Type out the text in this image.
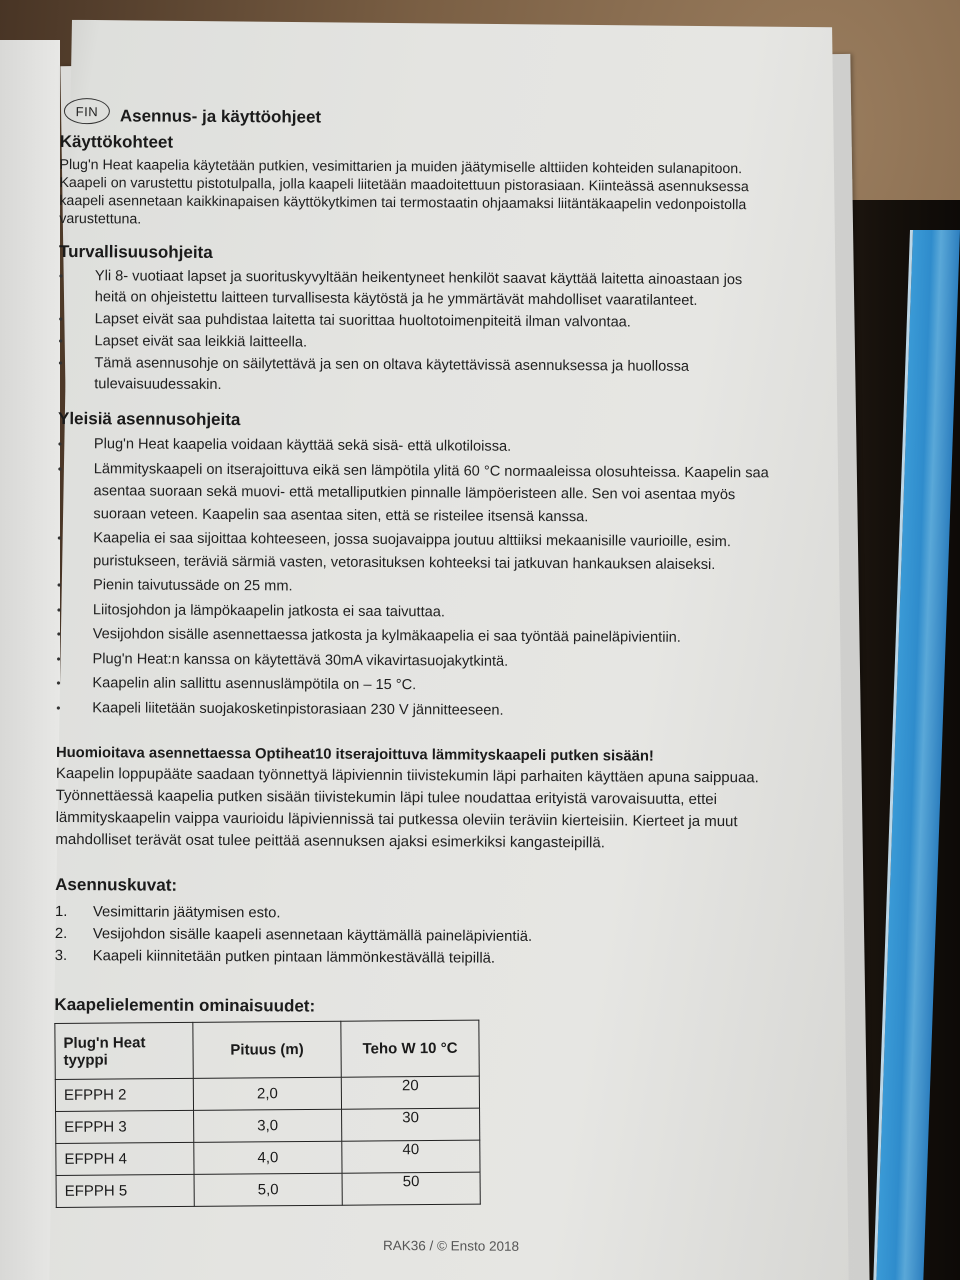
FIN	Asennus- ja käyttöohjeet
Käyttökohteet

Plug'n Heat kaapelia käytetään putkien, vesimittarien ja muiden jäätymiselle alttiiden kohteiden sulanapitoon. Kaapeli on varustettu pistotulpalla, jolla kaapeli liitetään maadoitettuun pistorasiaan. Kiinteässä asennuksessa kaapeli asennetaan kaikkinapaisen käyttökytkimen tai termostaatin ohjaamaksi liitäntäkaapelin vedonpoistolla varustettuna.

Turvallisuusohjeita
• Yli 8- vuotiaat lapset ja suorituskyvyltään heikentyneet henkilöt saavat käyttää laitetta ainoastaan jos heitä on ohjeistettu laitteen turvallisesta käytöstä ja he ymmärtävät mahdolliset vaaratilanteet.
• Lapset eivät saa puhdistaa laitetta tai suorittaa huoltotoimenpiteitä ilman valvontaa.
• Lapset eivät saa leikkiä laitteella.
• Tämä asennusohje on säilytettävä ja sen on oltava käytettävissä asennuksessa ja huollossa tulevaisuudessakin.
Yleisiä asennusohjeita
• Plug'n Heat kaapelia voidaan käyttää sekä sisä- että ulkotiloissa.
• Lämmityskaapeli on itserajoittuva eikä sen lämpötila ylitä 60 °C normaaleissa olosuhteissa. Kaapelin saa asentaa suoraan sekä muovi- että metalliputkien pinnalle lämpöeristeen alle. Sen voi asentaa myös suoraan veteen. Kaapelin saa asentaa siten, että se risteilee itsensä kanssa.
• Kaapelia ei saa sijoittaa kohteeseen, jossa suojavaippa joutuu alttiiksi mekaanisille vaurioille, esim. puristukseen, teräviä särmiä vasten, vetorasituksen kohteeksi tai jatkuvan hankauksen alaiseksi.
• Pienin taivutussäde on 25 mm.
• Liitosjohdon ja lämpökaapelin jatkosta ei saa taivuttaa.
• Vesijohdon sisälle asennettaessa jatkosta ja kylmäkaapelia ei saa työntää paineläpivientiin.
• Plug'n Heat:n kanssa on käytettävä 30mA vikavirtasuojakytkintä.
• Kaapelin alin sallittu asennuslämpötila on – 15 °C.
• Kaapeli liitetään suojakosketinpistorasiaan 230 V jännitteeseen.
Huomioitava asennettaessa Optiheat10 itserajoittuva lämmityskaapeli putken sisään!

Kaapelin loppupääte saadaan työnnettyä läpiviennin tiivistekumin läpi parhaiten käyttäen apuna saippuaa. Työnnettäessä kaapelia putken sisään tiivistekumin läpi tulee noudattaa erityistä varovaisuutta, ettei lämmityskaapelin vaippa vaurioidu läpiviennissä tai putkessa oleviin teräviin kierteisiin. Kierteet ja muut mahdolliset terävät osat tulee peittää asennuksen ajaksi esimerkiksi kangasteipillä.

Asennuskuvat:
1.	Vesimittarin jäätymisen esto.
2.	Vesijohdon sisälle kaapeli asennetaan käyttämällä paineläpivientiä.
3.	Kaapeli kiinnitetään putken pintaan lämmönkestävällä teipillä.
Kaapelielementin ominaisuudet:
Plug'n Heat tyyppi	Pituus (m)	Teho W 10 °C
EFPPH 2	2,0	20
EFPPH 3	3,0	30
EFPPH 4	4,0	40
EFPPH 5	5,0	50
RAK36 / © Ensto 2018
